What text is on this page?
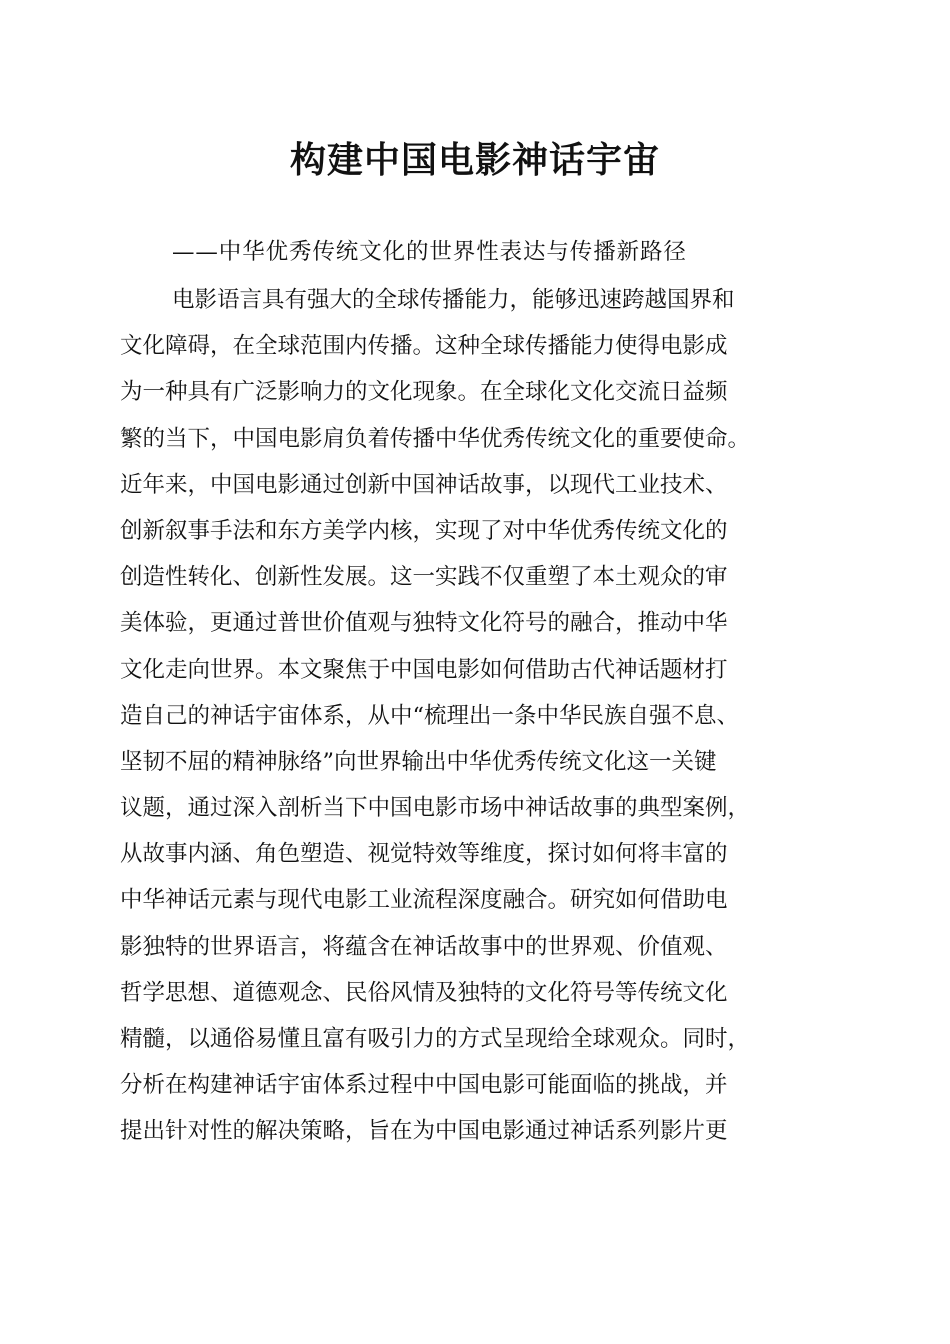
构建中国电影神话宇宙

——中华优秀传统文化的世界性表达与传播新路径

电影语言具有强大的全球传播能力，能够迅速跨越国界和
文化障碍，在全球范围内传播。这种全球传播能力使得电影成
为一种具有广泛影响力的文化现象。在全球化文化交流日益频
繁的当下，中国电影肩负着传播中华优秀传统文化的重要使命。
近年来，中国电影通过创新中国神话故事，以现代工业技术、
创新叙事手法和东方美学内核，实现了对中华优秀传统文化的
创造性转化、创新性发展。这一实践不仅重塑了本土观众的审
美体验，更通过普世价值观与独特文化符号的融合，推动中华
文化走向世界。本文聚焦于中国电影如何借助古代神话题材打
造自己的神话宇宙体系，从中“梳理出一条中华民族自强不息、
坚韧不屈的精神脉络”向世界输出中华优秀传统文化这一关键
议题，通过深入剖析当下中国电影市场中神话故事的典型案例，
从故事内涵、角色塑造、视觉特效等维度，探讨如何将丰富的
中华神话元素与现代电影工业流程深度融合。研究如何借助电
影独特的世界语言，将蕴含在神话故事中的世界观、价值观、
哲学思想、道德观念、民俗风情及独特的文化符号等传统文化
精髓，以通俗易懂且富有吸引力的方式呈现给全球观众。同时，
分析在构建神话宇宙体系过程中中国电影可能面临的挑战，并
提出针对性的解决策略，旨在为中国电影通过神话系列影片更
